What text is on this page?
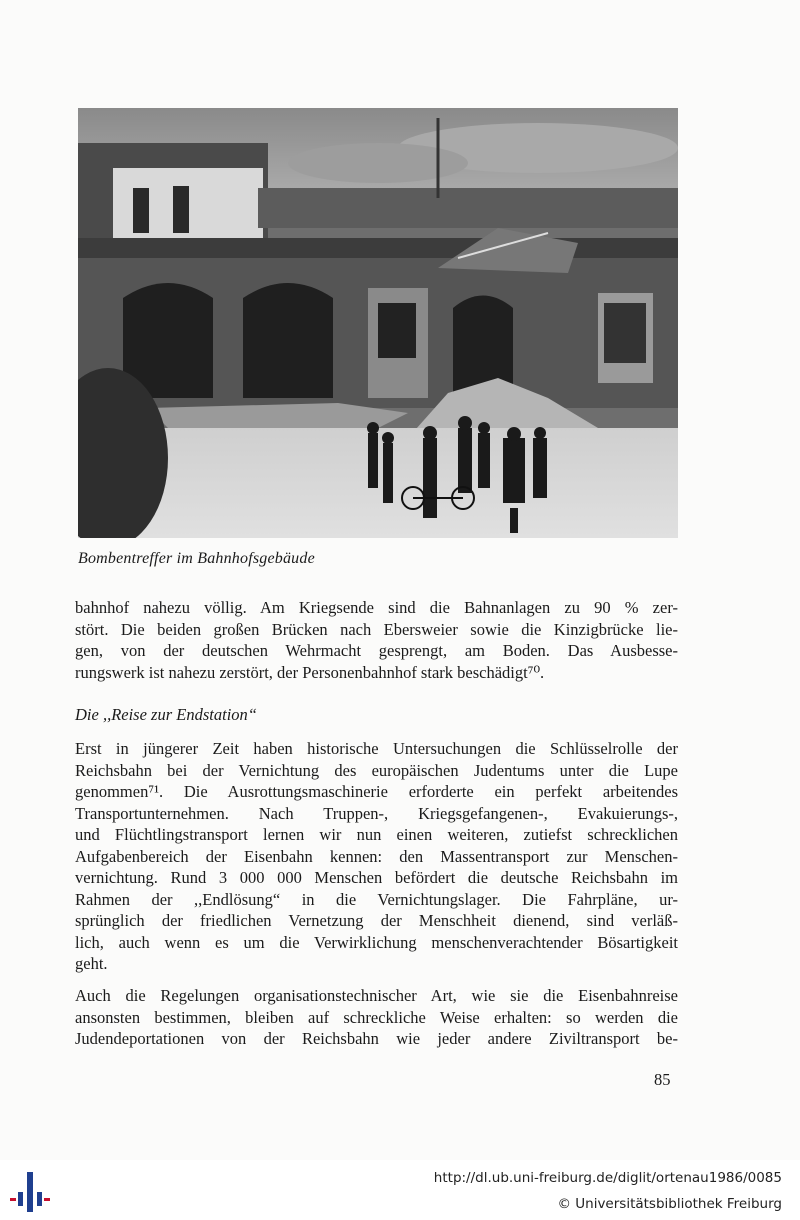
Bombentreffer im Bahnhofsgebäude

bahnhof nahezu völlig. Am Kriegsende sind die Bahnanlagen zu 90 % zer-
stört. Die beiden großen Brücken nach Ebersweier sowie die Kinzigbrücke lie-
gen, von der deutschen Wehrmacht gesprengt, am Boden. Das Ausbesse-
rungswerk ist nahezu zerstört, der Personenbahnhof stark beschädigt⁷⁰.

Die ,,Reise zur Endstation“

Erst in jüngerer Zeit haben historische Untersuchungen die Schlüsselrolle der
Reichsbahn bei der Vernichtung des europäischen Judentums unter die Lupe
genommen⁷¹. Die Ausrottungsmaschinerie erforderte ein perfekt arbeitendes
Transportunternehmen. Nach Truppen-, Kriegsgefangenen-, Evakuierungs-,
und Flüchtlingstransport lernen wir nun einen weiteren, zutiefst schrecklichen
Aufgabenbereich der Eisenbahn kennen: den Massentransport zur Menschen-
vernichtung. Rund 3 000 000 Menschen befördert die deutsche Reichsbahn im
Rahmen der ,,Endlösung“ in die Vernichtungslager. Die Fahrpläne, ur-
sprünglich der friedlichen Vernetzung der Menschheit dienend, sind verläß-
lich, auch wenn es um die Verwirklichung menschenverachtender Bösartigkeit
geht.

Auch die Regelungen organisationstechnischer Art, wie sie die Eisenbahnreise
ansonsten bestimmen, bleiben auf schreckliche Weise erhalten: so werden die
Judendeportationen von der Reichsbahn wie jeder andere Ziviltransport be-

85
http://dl.ub.uni-freiburg.de/diglit/ortenau1986/0085
© Universitätsbibliothek Freiburg
